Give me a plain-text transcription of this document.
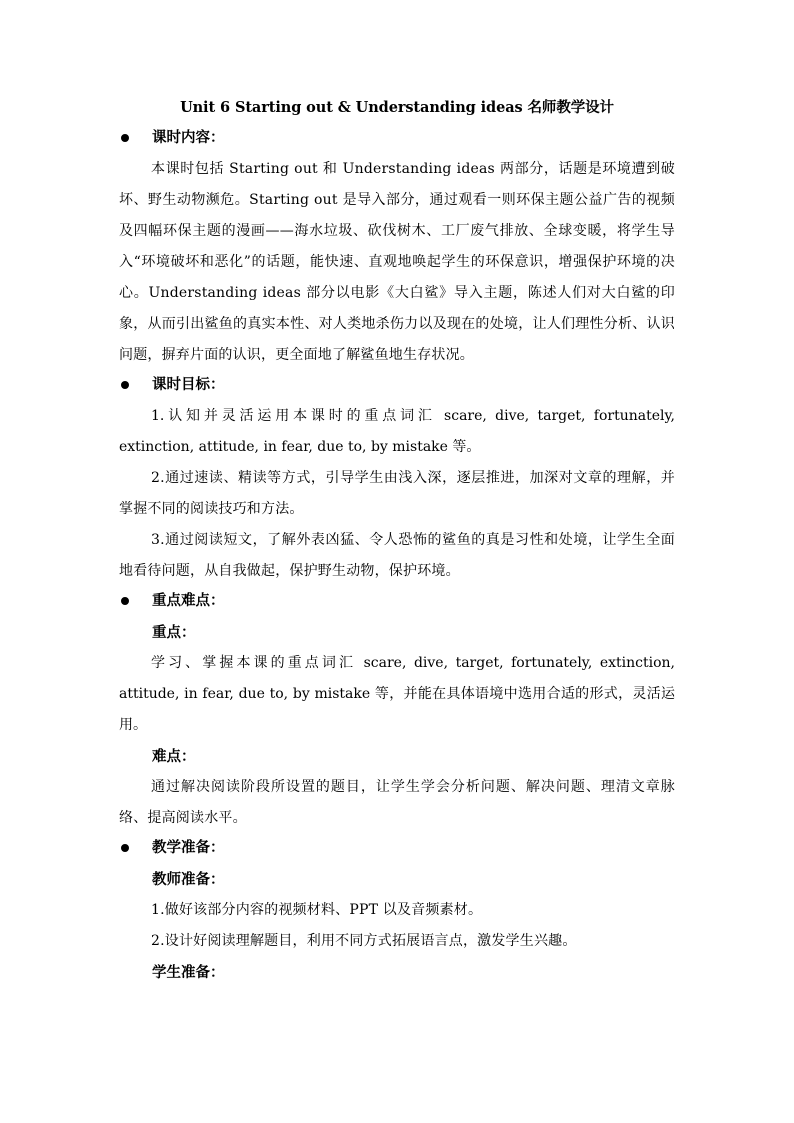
Unit 6 Starting out & Understanding ideas 名师教学设计
课时内容：

本课时包括 Starting out 和 Understanding ideas 两部分，话题是环境遭到破坏、野生动物濒危。Starting out 是导入部分，通过观看一则环保主题公益广告的视频及四幅环保主题的漫画——海水垃圾、砍伐树木、工厂废气排放、全球变暖，将学生导入“环境破坏和恶化”的话题，能快速、直观地唤起学生的环保意识，增强保护环境的决心。Understanding ideas 部分以电影《大白鲨》导入主题，陈述人们对大白鲨的印象，从而引出鲨鱼的真实本性、对人类地杀伤力以及现在的处境，让人们理性分析、认识问题，摒弃片面的认识，更全面地了解鲨鱼地生存状况。

课时目标：

1.认知并灵活运用本课时的重点词汇 scare, dive, target, fortunately, extinction, attitude, in fear, due to, by mistake 等。

2.通过速读、精读等方式，引导学生由浅入深，逐层推进，加深对文章的理解，并掌握不同的阅读技巧和方法。

3.通过阅读短文，了解外表凶猛、令人恐怖的鲨鱼的真是习性和处境，让学生全面地看待问题，从自我做起，保护野生动物，保护环境。

重点难点：
重点：

学习、掌握本课的重点词汇 scare, dive, target, fortunately, extinction, attitude, in fear, due to, by mistake 等，并能在具体语境中选用合适的形式，灵活运用。

难点：

通过解决阅读阶段所设置的题目，让学生学会分析问题、解决问题、理清文章脉络、提高阅读水平。

教学准备：
教师准备：

1.做好该部分内容的视频材料、PPT 以及音频素材。

2.设计好阅读理解题目，利用不同方式拓展语言点，激发学生兴趣。

学生准备：
